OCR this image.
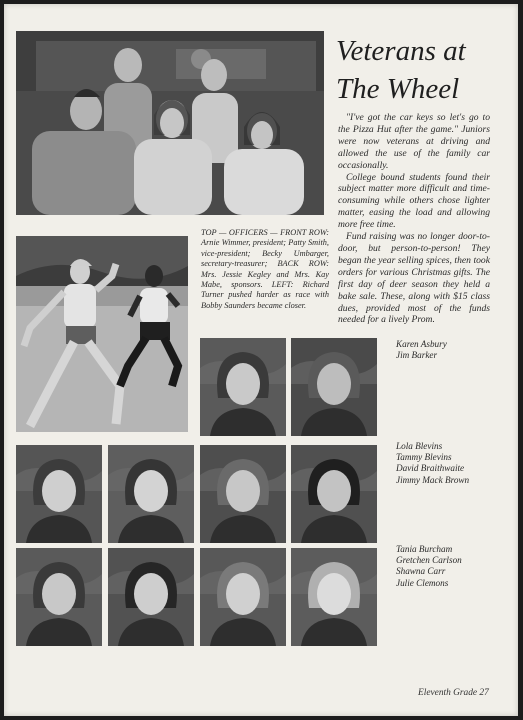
Veterans at
The Wheel

"I've got the car keys so let's go to the Pizza Hut after the game." Juniors were now veterans at driving and allowed the use of the family car occasionally.

College bound students found their subject matter more difficult and time-consuming while others chose lighter matter, easing the load and allowing more free time.

Fund raising was no longer door-to-door, but person-to-person! They began the year selling spices, then took orders for various Christmas gifts. The first day of deer season they held a bake sale. These, along with $15 class dues, provided most of the funds needed for a lively Prom.

TOP — OFFICERS — FRONT ROW: Arnie Wimmer, president; Patty Smith, vice-president; Becky Umbarger, secretary-treasurer; BACK ROW: Mrs. Jessie Kegley and Mrs. Kay Mabe, sponsors. LEFT: Richard Turner pushed harder as race with Bobby Saunders became closer.
Karen Asbury
Jim Barker
Lola Blevins
Tammy Blevins
David Braithwaite
Jimmy Mack Brown
Tania Burcham
Gretchen Carlson
Shawna Carr
Julie Clemons
Eleventh Grade 27
